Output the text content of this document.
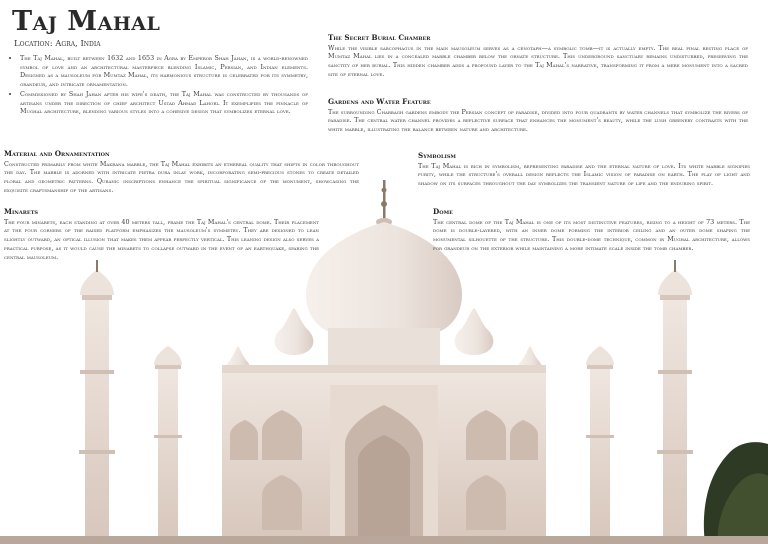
Taj Mahal
Location: Agra, India
• The Taj Mahal, built between 1632 and 1653 in Agra by Emperor Shah Jahan, is a world-renowned symbol of love and an architectural masterpiece blending Islamic, Persian, and Indian elements. Designed as a mausoleum for Mumtaz Mahal, its harmonious structure is celebrated for its symmetry, grandeur, and intricate ornamentation.
• Commissioned by Shah Jahan after his wife's death, the Taj Mahal was constructed by thousands of artisans under the direction of chief architect Ustad Ahmad Lahori. It exemplifies the pinnacle of Mughal architecture, blending various styles into a cohesive design that symbolizes eternal love.
The Secret Burial Chamber
While the visible sarcophagus in the main mausoleum serves as a cenotaph—a symbolic tomb—it is actually empty. The real final resting place of Mumtaz Mahal lies in a concealed marble chamber below the ornate structure. This underground sanctuary remains undisturbed, preserving the sanctity of her burial. This hidden chamber adds a profound layer to the Taj Mahal's narrative, transforming it from a mere monument into a sacred site of eternal love.
Gardens and Water Feature
The surrounding Charbagh gardens embody the Persian concept of paradise, divided into four quadrants by water channels that symbolize the rivers of paradise. The central water channel provides a reflective surface that enhances the monument's beauty, while the lush greenery contrasts with the white marble, illustrating the balance between nature and architecture.
Material and Ornamentation
Constructed primarily from white Makrana marble, the Taj Mahal exhibits an ethereal quality that shifts in color throughout the day. The marble is adorned with intricate pietra dura inlay work, incorporating semi-precious stones to create detailed floral and geometric patterns. Quranic inscriptions enhance the spiritual significance of the monument, showcasing the exquisite craftsmanship of the artisans.
Symbolism
The Taj Mahal is rich in symbolism, representing paradise and the eternal nature of love. Its white marble signifies purity, while the structure's overall design reflects the Islamic vision of paradise on earth. The play of light and shadow on its surfaces throughout the day symbolizes the transient nature of life and the enduring spirit.
Minarets
The four minarets, each standing at over 40 meters tall, frame the Taj Mahal's central dome. Their placement at the four corners of the raised platform emphasizes the mausoleum's symmetry. They are designed to lean slightly outward, an optical illusion that makes them appear perfectly vertical. This leaning design also serves a practical purpose, as it would cause the minarets to collapse outward in the event of an earthquake, sparing the central mausoleum.
Dome
The central dome of the Taj Mahal is one of its most distinctive features, rising to a height of 73 meters. The dome is double-layered, with an inner dome forming the interior ceiling and an outer dome shaping the monumental silhouette of the structure. This double-dome technique, common in Mughal architecture, allows for grandeur on the exterior while maintaining a more intimate scale inside the tomb chamber.
